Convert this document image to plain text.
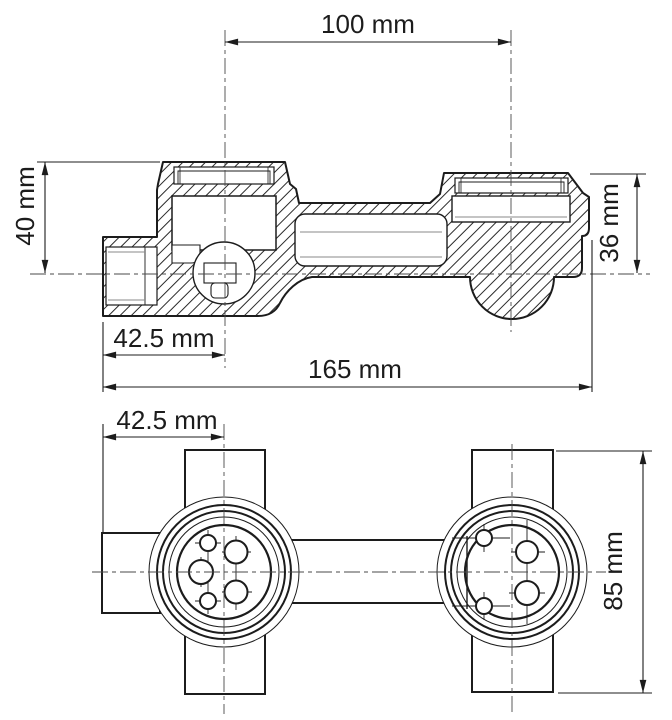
100 mm
40 mm	36 mm
42.5 mm
165 mm
42.5 mm
85 mm
